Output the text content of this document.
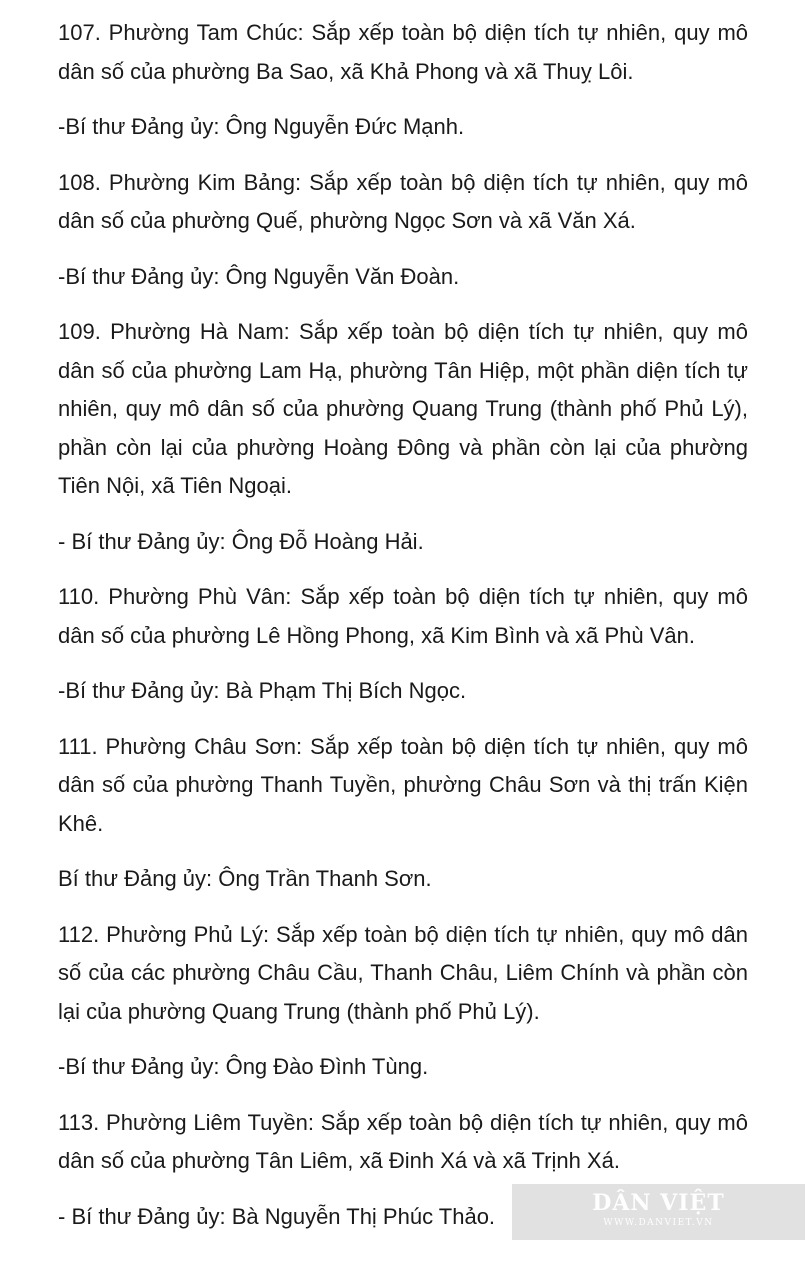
107. Phường Tam Chúc: Sắp xếp toàn bộ diện tích tự nhiên, quy mô dân số của phường Ba Sao, xã Khả Phong và xã Thuỵ Lôi.

-Bí thư Đảng ủy: Ông Nguyễn Đức Mạnh.

108. Phường Kim Bảng: Sắp xếp toàn bộ diện tích tự nhiên, quy mô dân số của phường Quế, phường Ngọc Sơn và xã Văn Xá.

-Bí thư Đảng ủy: Ông Nguyễn Văn Đoàn.

109. Phường Hà Nam: Sắp xếp toàn bộ diện tích tự nhiên, quy mô dân số của phường Lam Hạ, phường Tân Hiệp, một phần diện tích tự nhiên, quy mô dân số của phường Quang Trung (thành phố Phủ Lý), phần còn lại của phường Hoàng Đông và phần còn lại của phường Tiên Nội, xã Tiên Ngoại.

- Bí thư Đảng ủy: Ông Đỗ Hoàng Hải.

110. Phường Phù Vân: Sắp xếp toàn bộ diện tích tự nhiên, quy mô dân số của phường Lê Hồng Phong, xã Kim Bình và xã Phù Vân.

-Bí thư Đảng ủy: Bà Phạm Thị Bích Ngọc.

111. Phường Châu Sơn: Sắp xếp toàn bộ diện tích tự nhiên, quy mô dân số của phường Thanh Tuyền, phường Châu Sơn và thị trấn Kiện Khê.

Bí thư Đảng ủy: Ông Trần Thanh Sơn.

112. Phường Phủ Lý: Sắp xếp toàn bộ diện tích tự nhiên, quy mô dân số của các phường Châu Cầu, Thanh Châu, Liêm Chính và phần còn lại của phường Quang Trung (thành phố Phủ Lý).

-Bí thư Đảng ủy: Ông Đào Đình Tùng.

113. Phường Liêm Tuyền: Sắp xếp toàn bộ diện tích tự nhiên, quy mô dân số của phường Tân Liêm, xã Đinh Xá và xã Trịnh Xá.

- Bí thư Đảng ủy: Bà Nguyễn Thị Phúc Thảo.	DÂN VIỆT
WWW.DANVIET.VN
